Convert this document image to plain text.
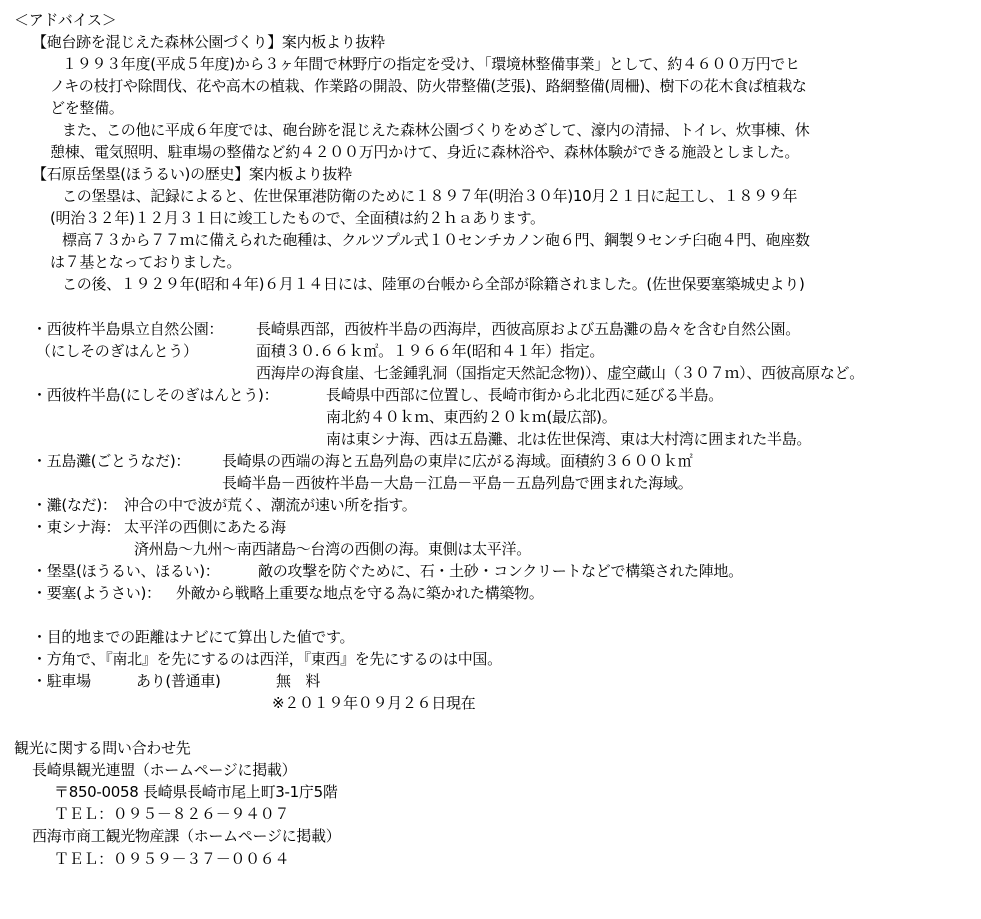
＜アドバイス＞
【砲台跡を混じえた森林公園づくり】案内板より抜粋
１９９３年度(平成５年度)から３ヶ年間で林野庁の指定を受け、「環境林整備事業」として、約４６００万円でヒ
ノキの枝打や除間伐、花や高木の植栽、作業路の開設、防火帯整備(芝張)、路網整備(周柵)、樹下の花木食ぱ植栽な
どを整備。
また、この他に平成６年度では、砲台跡を混じえた森林公園づくりをめざして、濠内の清掃、トイレ、炊事棟、休
憩棟、電気照明、駐車場の整備など約４２００万円かけて、身近に森林浴や、森林体験ができる施設としました。
【石原岳堡塁(ほうるい)の歴史】案内板より抜粋
この堡塁は、記録によると、佐世保軍港防衛のために１８９７年(明治３０年)10月２１日に起工し、１８９９年
(明治３２年)１２月３１日に竣工したもので、全面積は約２ｈａあります。
標高７３から７７ｍに備えられた砲種は、クルツプル式１０センチカノン砲６門、鋼製９センチ臼砲４門、砲座数
は７基となっておりました。
この後、１９２９年(昭和４年)６月１４日には、陸軍の台帳から全部が除籍されました。(佐世保要塞築城史より)
・西彼杵半島県立自然公園： 長崎県西部，西彼杵半島の西海岸，西彼高原および五島灘の島々を含む自然公園。
（にしそのぎはんとう）	面積３０.６６ｋ㎡。１９６６年(昭和４１年）指定。
西海岸の海食崖、七釜鍾乳洞（国指定天然記念物)）、虚空蔵山（３０７ｍ）、西彼高原など。
・西彼杵半島(にしそのぎはんとう)：	長崎県中西部に位置し、長崎市街から北北西に延びる半島。
南北約４０ｋｍ、東西約２０ｋｍ(最広部)。
南は東シナ海、西は五島灘、北は佐世保湾、東は大村湾に囲まれた半島。
・五島灘(ごとうなだ)： 長崎県の西端の海と五島列島の東岸に広がる海域。面積約３６００ｋ㎡
長崎半島－西彼杵半島－大島－江島－平島－五島列島で囲まれた海域。
・灘(なだ)： 沖合の中で波が荒く、潮流が速い所を指す。
・東シナ海： 太平洋の西側にあたる海
済州島～九州～南西諸島～台湾の西側の海。東側は太平洋。
・堡塁(ほうるい、ほるい)：	敵の攻撃を防ぐために、石・土砂・コンクリートなどで構築された陣地。
・要塞(ようさい)： 外敵から戦略上重要な地点を守る為に築かれた構築物。
・目的地までの距離はナビにて算出した値です。
・方角で、『南北』を先にするのは西洋，『東西』を先にするのは中国。
・駐車場	あり(普通車)	無　料
※２０１９年０９月２６日現在
観光に関する問い合わせ先
長崎県観光連盟（ホームページに掲載）
〒850-0058 長崎県長崎市尾上町3-1庁5階
ＴＥＬ：０９５－８２６－９４０７
西海市商工観光物産課（ホームページに掲載）
ＴＥＬ：０９５９－３７－００６４
